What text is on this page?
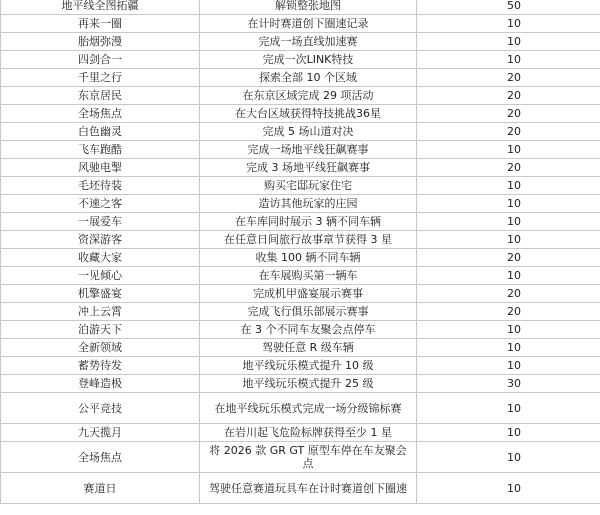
地平线全图拓疆	解锁整张地图	50
再来一圈	在计时赛道创下圈速记录	10
胎烟弥漫	完成一场直线加速赛	10
四剑合一	完成一次LINK特技	10
千里之行	探索全部 10 个区域	20
东京居民	在东京区域完成 29 项活动	20
全场焦点	在大台区域获得特技挑战36星	20
白色幽灵	完成 5 场山道对决	20
飞车跑酷	完成一场地平线狂飙赛事	10
风驰电掣	完成 3 场地平线狂飙赛事	20
毛坯待装	购买宅邸玩家住宅	10
不速之客	造访其他玩家的庄园	10
一展爱车	在车库同时展示 3 辆不同车辆	10
资深游客	在任意日间旅行故事章节获得 3 星	10
收藏大家	收集 100 辆不同车辆	20
一见倾心	在车展购买第一辆车	10
机擎盛宴	完成机甲盛宴展示赛事	20
冲上云霄	完成飞行俱乐部展示赛事	20
泊游天下	在 3 个不同车友聚会点停车	10
全新领域	驾驶任意 R 级车辆	10
蓄势待发	地平线玩乐模式提升 10 级	10
登峰造极	地平线玩乐模式提升 25 级	30
公平竞技	在地平线玩乐模式完成一场分级锦标赛	10
九天揽月	在岩川起飞危险标牌获得至少 1 星	10
全场焦点	将 2026 款 GR GT 原型车停在车友聚会点	10
赛道日	驾驶任意赛道玩具车在计时赛道创下圈速	10
